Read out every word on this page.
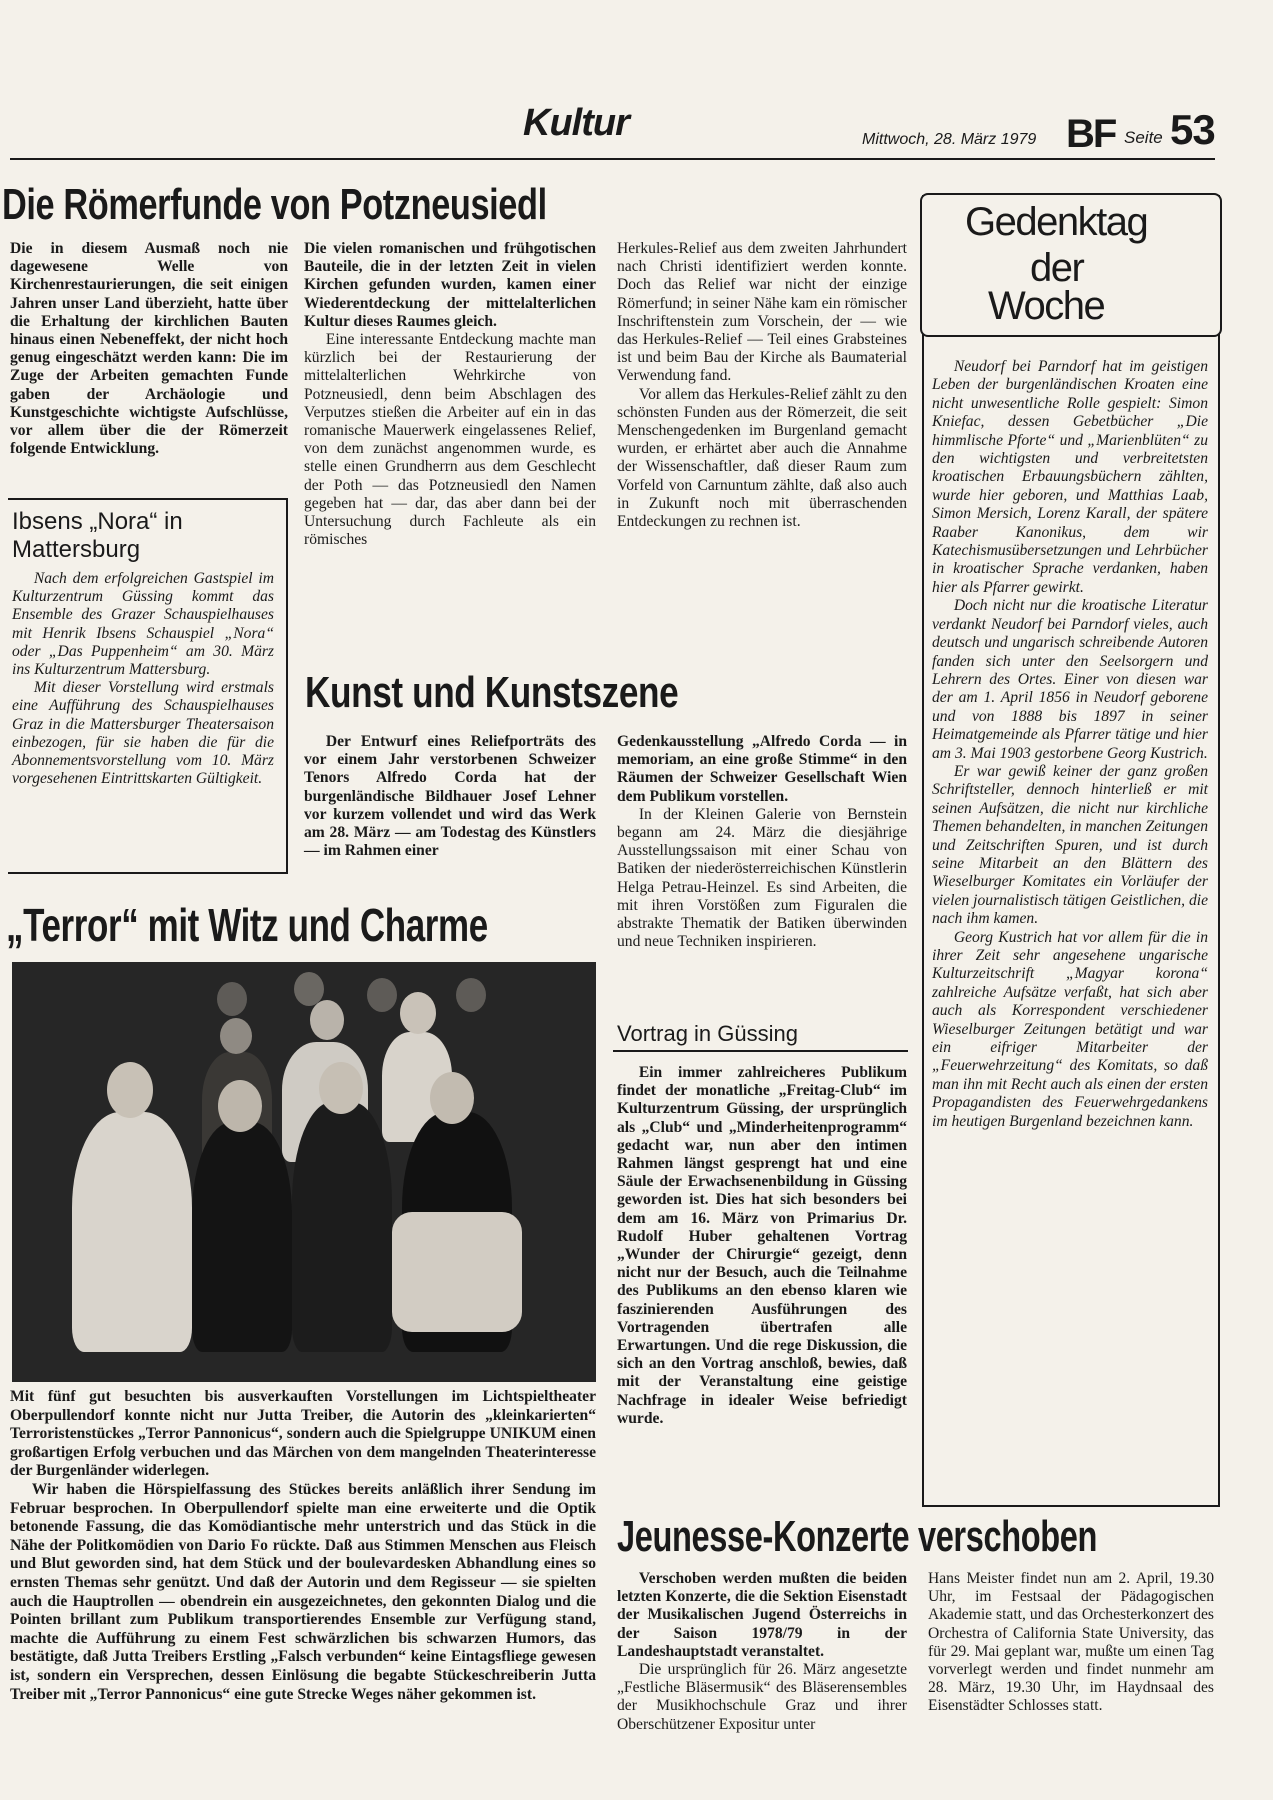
Kultur	Mittwoch, 28. März 1979 BF Seite 53
Die Römerfunde von Potzneusiedl

Die in diesem Ausmaß noch nie dagewesene Welle von Kirchenrestaurierungen, die seit einigen Jahren unser Land überzieht, hatte über die Erhaltung der kirchlichen Bauten hinaus einen Nebeneffekt, der nicht hoch genug eingeschätzt werden kann: Die im Zuge der Arbeiten gemachten Funde gaben der Archäologie und Kunstgeschichte wichtigste Aufschlüsse, vor allem über die der Römerzeit folgende Entwicklung.

Die vielen romanischen und frühgotischen Bauteile, die in der letzten Zeit in vielen Kirchen gefunden wurden, kamen einer Wiederentdeckung der mittelalterlichen Kultur dieses Raumes gleich.

Eine interessante Entdeckung machte man kürzlich bei der Restaurierung der mittelalterlichen Wehrkirche von Potzneusiedl, denn beim Abschlagen des Verputzes stießen die Arbeiter auf ein in das romanische Mauerwerk eingelassenes Relief, von dem zunächst angenommen wurde, es stelle einen Grundherrn aus dem Geschlecht der Poth — das Potzneusiedl den Namen gegeben hat — dar, das aber dann bei der Untersuchung durch Fachleute als ein römisches

Herkules-Relief aus dem zweiten Jahrhundert nach Christi identifiziert werden konnte. Doch das Relief war nicht der einzige Römerfund; in seiner Nähe kam ein römischer Inschriftenstein zum Vorschein, der — wie das Herkules-Relief — Teil eines Grabsteines ist und beim Bau der Kirche als Baumaterial Verwendung fand.

Vor allem das Herkules-Relief zählt zu den schönsten Funden aus der Römerzeit, die seit Menschengedenken im Burgenland gemacht wurden, er erhärtet aber auch die Annahme der Wissenschaftler, daß dieser Raum zum Vorfeld von Carnuntum zählte, daß also auch in Zukunft noch mit überraschenden Entdeckungen zu rechnen ist.

Ibsens „Nora“ in Mattersburg

Nach dem erfolgreichen Gastspiel im Kulturzentrum Güssing kommt das Ensemble des Grazer Schauspielhauses mit Henrik Ibsens Schauspiel „Nora“ oder „Das Puppenheim“ am 30. März ins Kulturzentrum Mattersburg.

Mit dieser Vorstellung wird erstmals eine Aufführung des Schauspielhauses Graz in die Mattersburger Theatersaison einbezogen, für sie haben die für die Abonnementsvorstellung vom 10. März vorgesehenen Eintrittskarten Gültigkeit.

Kunst und Kunstszene

Der Entwurf eines Reliefporträts des vor einem Jahr verstorbenen Schweizer Tenors Alfredo Corda hat der burgenländische Bildhauer Josef Lehner vor kurzem vollendet und wird das Werk am 28. März — am Todestag des Künstlers — im Rahmen einer

Gedenkausstellung „Alfredo Corda — in memoriam, an eine große Stimme“ in den Räumen der Schweizer Gesellschaft Wien dem Publikum vorstellen.

In der Kleinen Galerie von Bernstein begann am 24. März die diesjährige Ausstellungssaison mit einer Schau von Batiken der niederösterreichischen Künstlerin Helga Petrau-Heinzel. Es sind Arbeiten, die mit ihren Vorstößen zum Figuralen die abstrakte Thematik der Batiken überwinden und neue Techniken inspirieren.

„Terror“ mit Witz und Charme

Mit fünf gut besuchten bis ausverkauften Vorstellungen im Lichtspieltheater Oberpullendorf konnte nicht nur Jutta Treiber, die Autorin des „kleinkarierten“ Terroristenstückes „Terror Pannonicus“, sondern auch die Spielgruppe UNIKUM einen großartigen Erfolg verbuchen und das Märchen von dem mangelnden Theaterinteresse der Burgenländer widerlegen.

Wir haben die Hörspielfassung des Stückes bereits anläßlich ihrer Sendung im Februar besprochen. In Oberpullendorf spielte man eine erweiterte und die Optik betonende Fassung, die das Komödiantische mehr unterstrich und das Stück in die Nähe der Politkomödien von Dario Fo rückte. Daß aus Stimmen Menschen aus Fleisch und Blut geworden sind, hat dem Stück und der boulevardesken Abhandlung eines so ernsten Themas sehr genützt. Und daß der Autorin und dem Regisseur — sie spielten auch die Hauptrollen — obendrein ein ausgezeichnetes, den gekonnten Dialog und die Pointen brillant zum Publikum transportierendes Ensemble zur Verfügung stand, machte die Aufführung zu einem Fest schwärzlichen bis schwarzen Humors, das bestätigte, daß Jutta Treibers Erstling „Falsch verbunden“ keine Eintagsfliege gewesen ist, sondern ein Versprechen, dessen Einlösung die begabte Stückeschreiberin Jutta Treiber mit „Terror Pannonicus“ eine gute Strecke Weges näher gekommen ist.

Vortrag in Güssing

Ein immer zahlreicheres Publikum findet der monatliche „Freitag-Club“ im Kulturzentrum Güssing, der ursprünglich als „Club“ und „Minderheitenprogramm“ gedacht war, nun aber den intimen Rahmen längst gesprengt hat und eine Säule der Erwachsenenbildung in Güssing geworden ist. Dies hat sich besonders bei dem am 16. März von Primarius Dr. Rudolf Huber gehaltenen Vortrag „Wunder der Chirurgie“ gezeigt, denn nicht nur der Besuch, auch die Teilnahme des Publikums an den ebenso klaren wie faszinierenden Ausführungen des Vortragenden übertrafen alle Erwartungen. Und die rege Diskussion, die sich an den Vortrag anschloß, bewies, daß mit der Veranstaltung eine geistige Nachfrage in idealer Weise befriedigt wurde.

Gedenktag
der
Woche

Neudorf bei Parndorf hat im geistigen Leben der burgenländischen Kroaten eine nicht unwesentliche Rolle gespielt: Simon Kniefac, dessen Gebetbücher „Die himmlische Pforte“ und „Marienblüten“ zu den wichtigsten und verbreitetsten kroatischen Erbauungsbüchern zählten, wurde hier geboren, und Matthias Laab, Simon Mersich, Lorenz Karall, der spätere Raaber Kanonikus, dem wir Katechismusübersetzungen und Lehrbücher in kroatischer Sprache verdanken, haben hier als Pfarrer gewirkt.

Doch nicht nur die kroatische Literatur verdankt Neudorf bei Parndorf vieles, auch deutsch und ungarisch schreibende Autoren fanden sich unter den Seelsorgern und Lehrern des Ortes. Einer von diesen war der am 1. April 1856 in Neudorf geborene und von 1888 bis 1897 in seiner Heimatgemeinde als Pfarrer tätige und hier am 3. Mai 1903 gestorbene Georg Kustrich.

Er war gewiß keiner der ganz großen Schriftsteller, dennoch hinterließ er mit seinen Aufsätzen, die nicht nur kirchliche Themen behandelten, in manchen Zeitungen und Zeitschriften Spuren, und ist durch seine Mitarbeit an den Blättern des Wieselburger Komitates ein Vorläufer der vielen journalistisch tätigen Geistlichen, die nach ihm kamen.

Georg Kustrich hat vor allem für die in ihrer Zeit sehr angesehene ungarische Kulturzeitschrift „Magyar korona“ zahlreiche Aufsätze verfaßt, hat sich aber auch als Korrespondent verschiedener Wieselburger Zeitungen betätigt und war ein eifriger Mitarbeiter der „Feuerwehrzeitung“ des Komitats, so daß man ihn mit Recht auch als einen der ersten Propagandisten des Feuerwehrgedankens im heutigen Burgenland bezeichnen kann.

Jeunesse-Konzerte verschoben

Verschoben werden mußten die beiden letzten Konzerte, die die Sektion Eisenstadt der Musikalischen Jugend Österreichs in der Saison 1978/79 in der Landeshauptstadt veranstaltet.

Die ursprünglich für 26. März angesetzte „Festliche Bläsermusik“ des Bläserensembles der Musikhochschule Graz und ihrer Oberschützener Expositur unter

Hans Meister findet nun am 2. April, 19.30 Uhr, im Festsaal der Pädagogischen Akademie statt, und das Orchesterkonzert des Orchestra of California State University, das für 29. Mai geplant war, mußte um einen Tag vorverlegt werden und findet nunmehr am 28. März, 19.30 Uhr, im Haydnsaal des Eisenstädter Schlosses statt.
